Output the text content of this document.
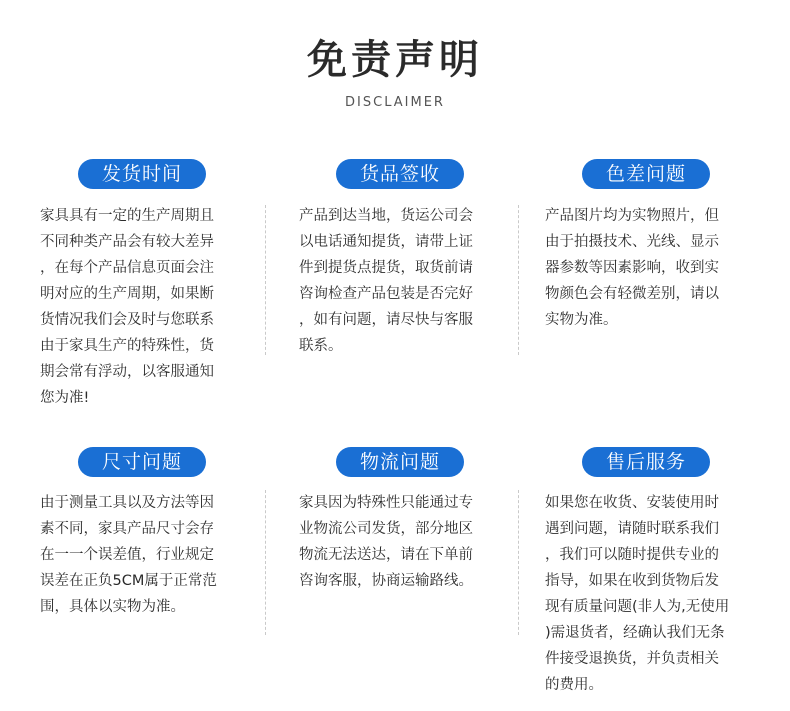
免责声明
DISCLAIMER
发货时间
家具具有一定的生产周期且
不同种类产品会有较大差异
，在每个产品信息页面会注
明对应的生产周期，如果断
货情况我们会及时与您联系
由于家具生产的特殊性，货
期会常有浮动，以客服通知
您为准!
货品签收
产品到达当地，货运公司会
以电话通知提货，请带上证
件到提货点提货，取货前请
咨询检查产品包装是否完好
，如有问题，请尽快与客服
联系。
色差问题
产品图片均为实物照片，但
由于拍摄技术、光线、显示
器参数等因素影响，收到实
物颜色会有轻微差别，请以
实物为准。
尺寸问题
由于测量工具以及方法等因
素不同，家具产品尺寸会存
在一一个误差值，行业规定
误差在正负5CM属于正常范
围，具体以实物为准。
物流问题
家具因为特殊性只能通过专
业物流公司发货，部分地区
物流无法送达，请在下单前
咨询客服，协商运输路线。
售后服务
如果您在收货、安装使用时
遇到问题，请随时联系我们
，我们可以随时提供专业的
指导，如果在收到货物后发
现有质量问题(非人为,无使用
)需退货者，经确认我们无条
件接受退换货，并负责相关
的费用。
